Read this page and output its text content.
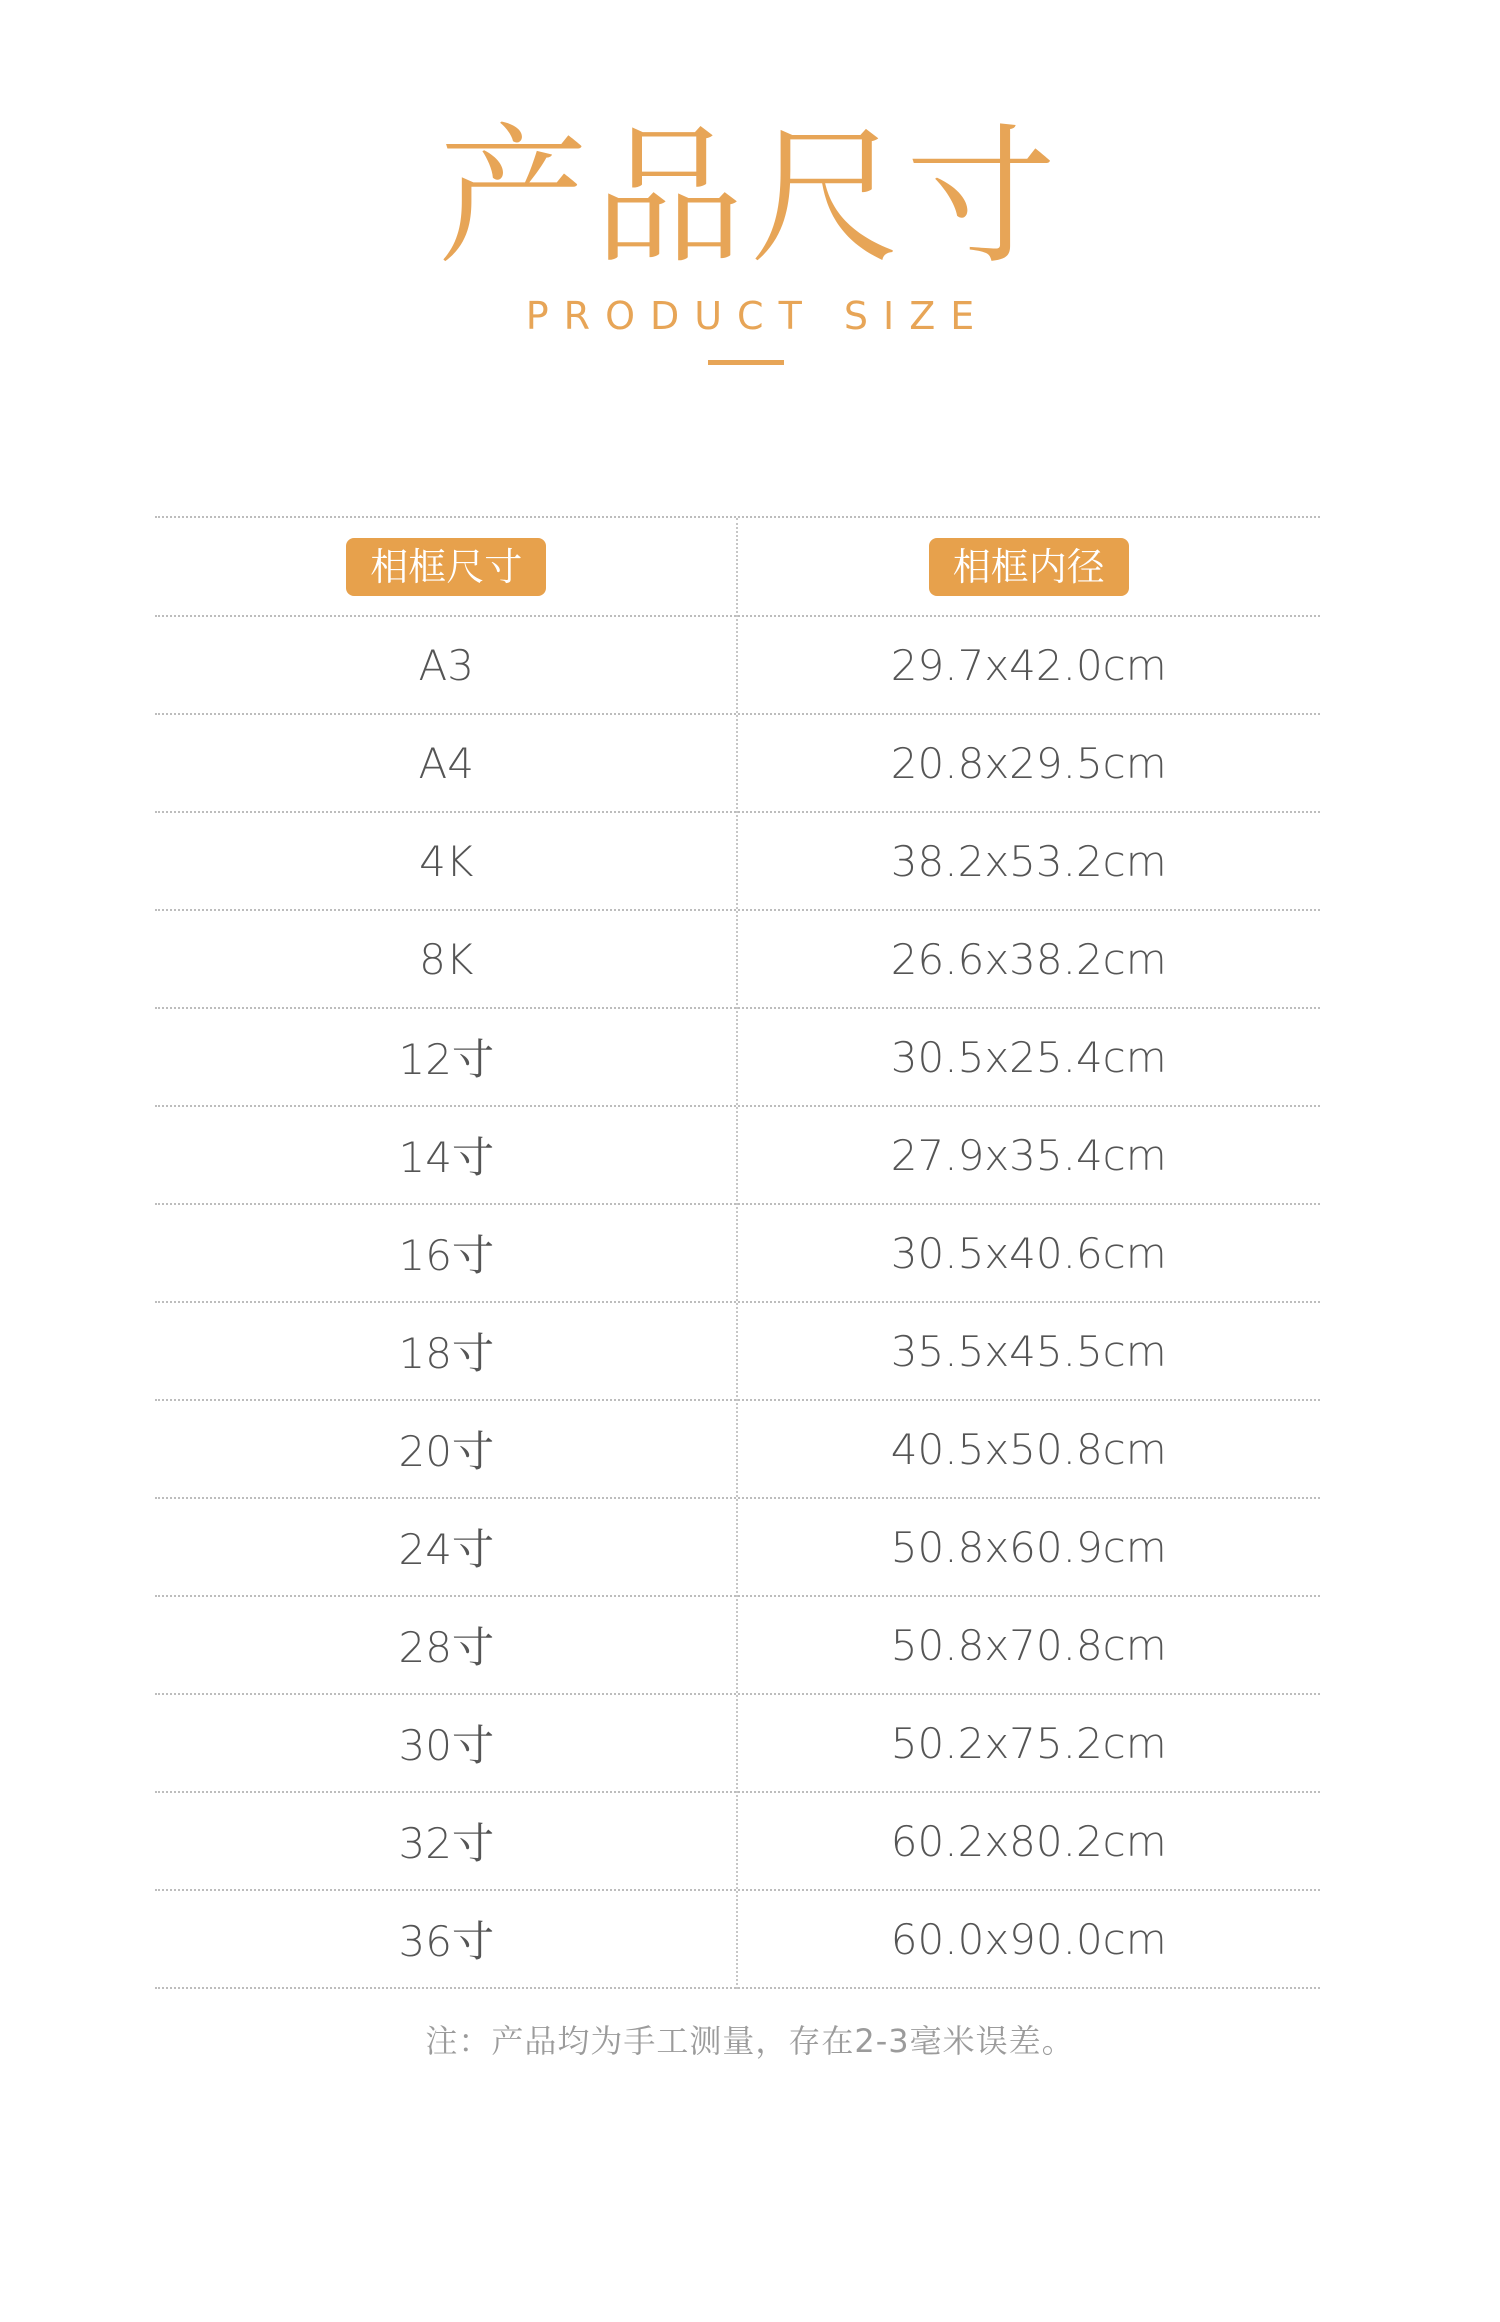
产品尺寸
PRODUCT SIZE
相框尺寸	相框内径
A3	29.7x42.0cm
A4	20.8x29.5cm
4K	38.2x53.2cm
8K	26.6x38.2cm
12寸	30.5x25.4cm
14寸	27.9x35.4cm
16寸	30.5x40.6cm
18寸	35.5x45.5cm
20寸	40.5x50.8cm
24寸	50.8x60.9cm
28寸	50.8x70.8cm
30寸	50.2x75.2cm
32寸	60.2x80.2cm
36寸	60.0x90.0cm
注：产品均为手工测量，存在2-3毫米误差。
